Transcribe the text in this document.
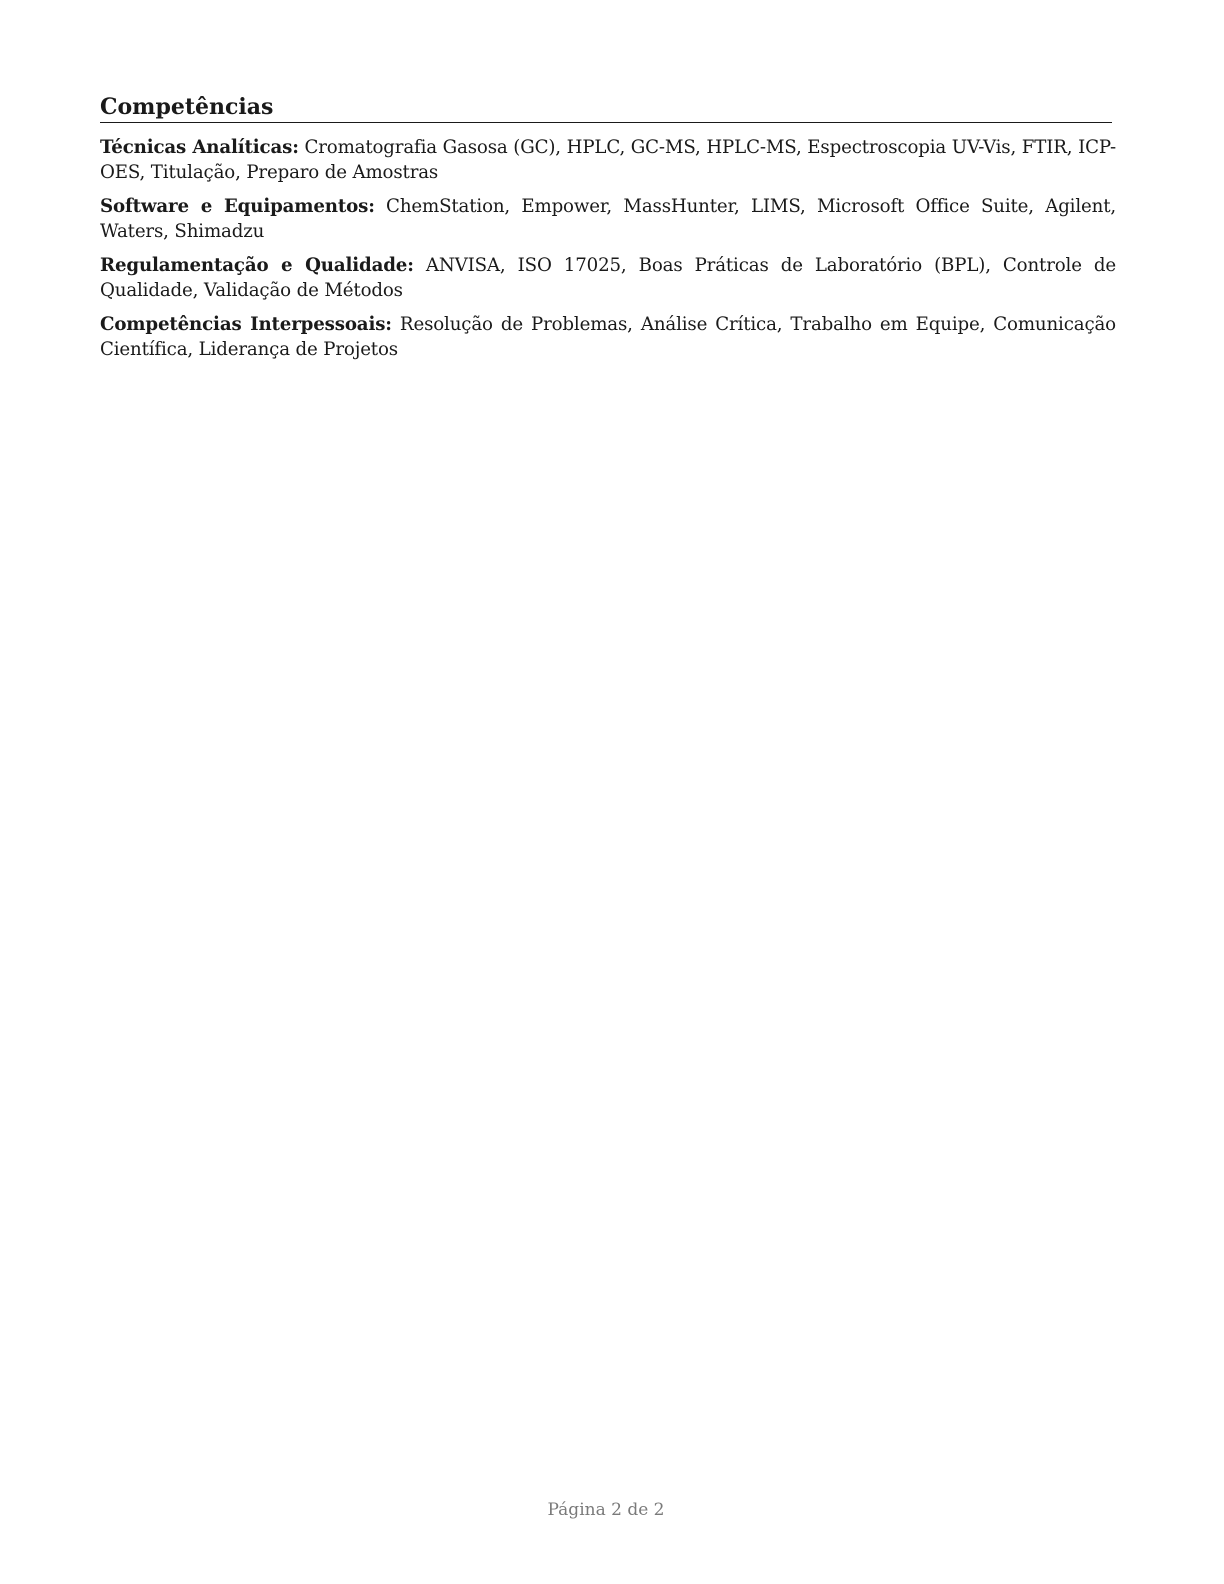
Competências

Técnicas Analíticas: Cromatografia Gasosa (GC), HPLC, GC-MS, HPLC-MS, Espectroscopia UV-Vis, FTIR, ICP-OES, Titulação, Preparo de Amostras

Software e Equipamentos: ChemStation, Empower, MassHunter, LIMS, Microsoft Office Suite, Agilent, Waters, Shimadzu

Regulamentação e Qualidade: ANVISA, ISO 17025, Boas Práticas de Laboratório (BPL), Controle de Qualidade, Validação de Métodos

Competências Interpessoais: Resolução de Problemas, Análise Crítica, Trabalho em Equipe, Comunicação Científica, Liderança de Projetos

Página 2 de 2
